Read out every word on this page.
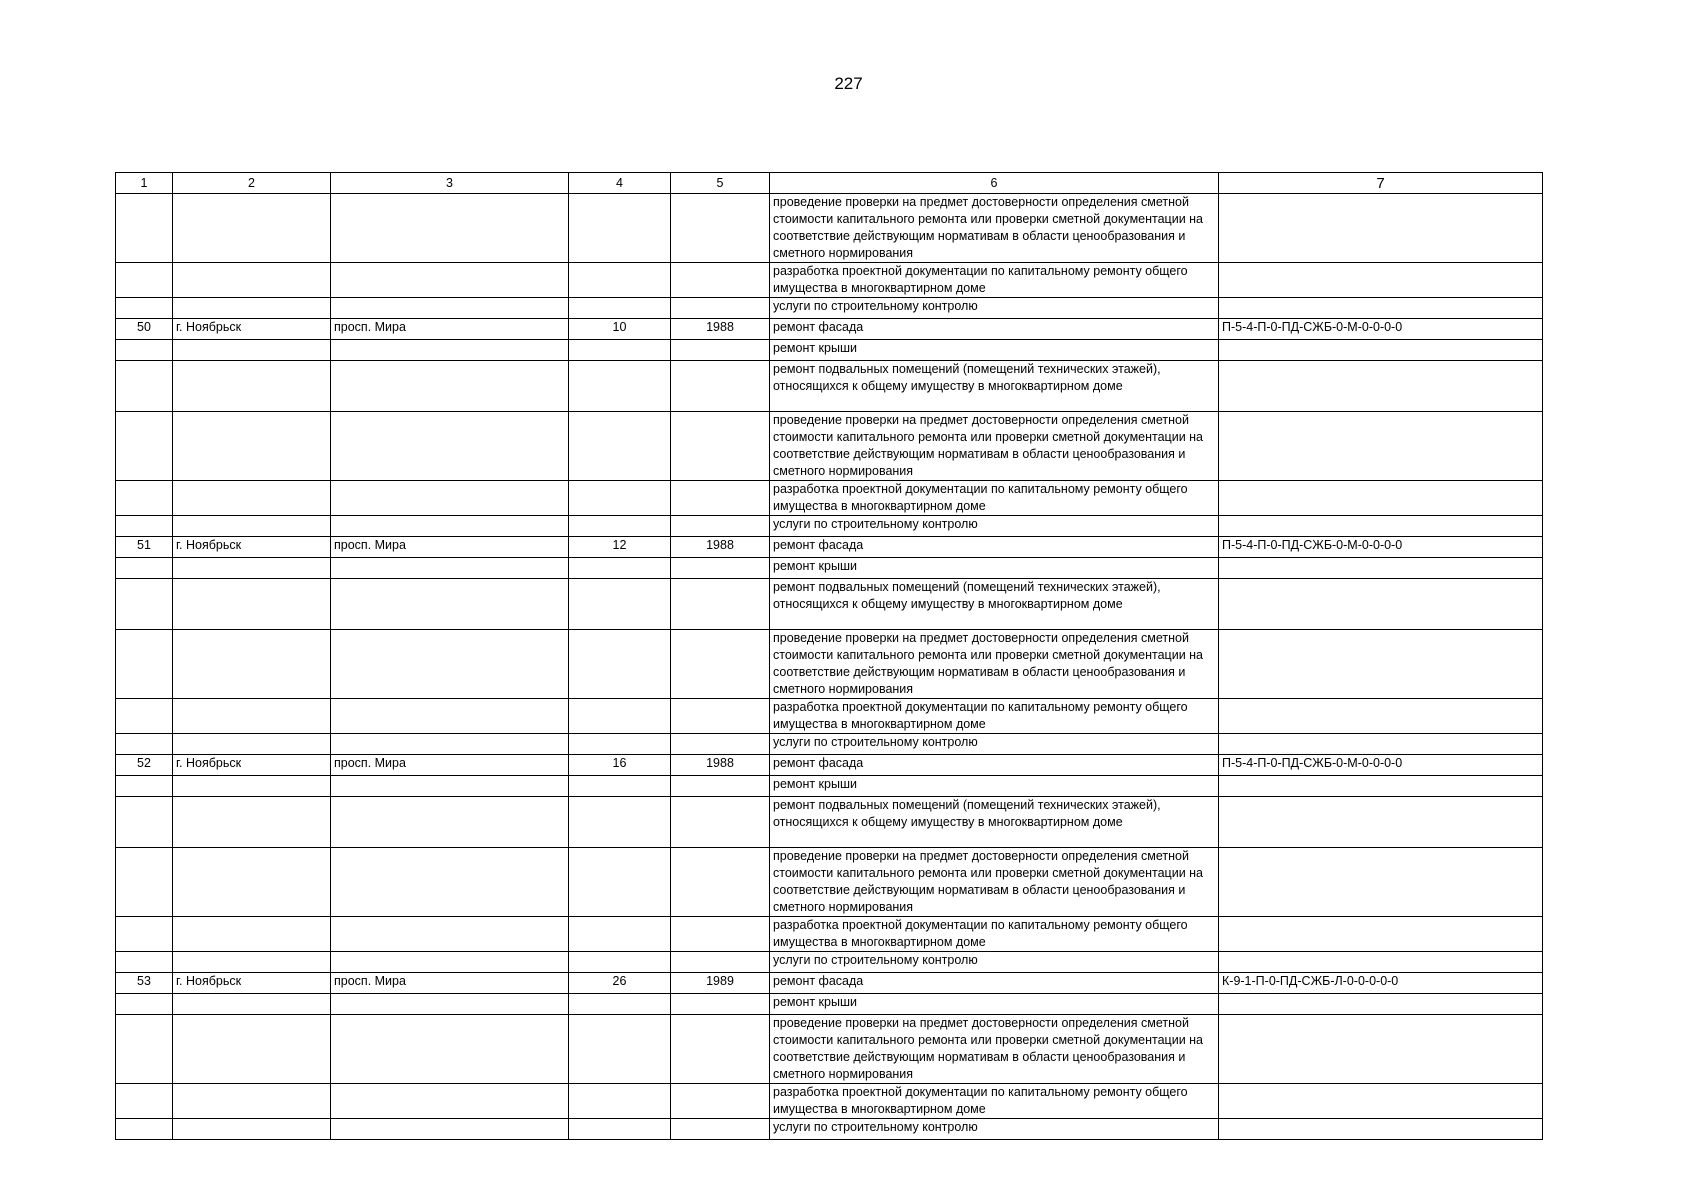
227
1	2	3	4	5	6	7
					проведение проверки на предмет достоверности определения сметной стоимости капитального ремонта или проверки сметной документации на соответствие действующим нормативам в области ценообразования и сметного нормирования	
					разработка проектной документации по капитальному ремонту общего имущества в многоквартирном доме	
					услуги по строительному контролю	
50	г. Ноябрьск	просп. Мира	10	1988	ремонт фасада	П-5-4-П-0-ПД-СЖБ-0-М-0-0-0-0
					ремонт крыши	
					ремонт подвальных помещений (помещений технических этажей), относящихся к общему имуществу в многоквартирном доме	
					проведение проверки на предмет достоверности определения сметной стоимости капитального ремонта или проверки сметной документации на соответствие действующим нормативам в области ценообразования и сметного нормирования	
					разработка проектной документации по капитальному ремонту общего имущества в многоквартирном доме	
					услуги по строительному контролю	
51	г. Ноябрьск	просп. Мира	12	1988	ремонт фасада	П-5-4-П-0-ПД-СЖБ-0-М-0-0-0-0
					ремонт крыши	
					ремонт подвальных помещений (помещений технических этажей), относящихся к общему имуществу в многоквартирном доме	
					проведение проверки на предмет достоверности определения сметной стоимости капитального ремонта или проверки сметной документации на соответствие действующим нормативам в области ценообразования и сметного нормирования	
					разработка проектной документации по капитальному ремонту общего имущества в многоквартирном доме	
					услуги по строительному контролю	
52	г. Ноябрьск	просп. Мира	16	1988	ремонт фасада	П-5-4-П-0-ПД-СЖБ-0-М-0-0-0-0
					ремонт крыши	
					ремонт подвальных помещений (помещений технических этажей), относящихся к общему имуществу в многоквартирном доме	
					проведение проверки на предмет достоверности определения сметной стоимости капитального ремонта или проверки сметной документации на соответствие действующим нормативам в области ценообразования и сметного нормирования	
					разработка проектной документации по капитальному ремонту общего имущества в многоквартирном доме	
					услуги по строительному контролю	
53	г. Ноябрьск	просп. Мира	26	1989	ремонт фасада	К-9-1-П-0-ПД-СЖБ-Л-0-0-0-0-0
					ремонт крыши	
					проведение проверки на предмет достоверности определения сметной стоимости капитального ремонта или проверки сметной документации на соответствие действующим нормативам в области ценообразования и сметного нормирования	
					разработка проектной документации по капитальному ремонту общего имущества в многоквартирном доме	
					услуги по строительному контролю	
